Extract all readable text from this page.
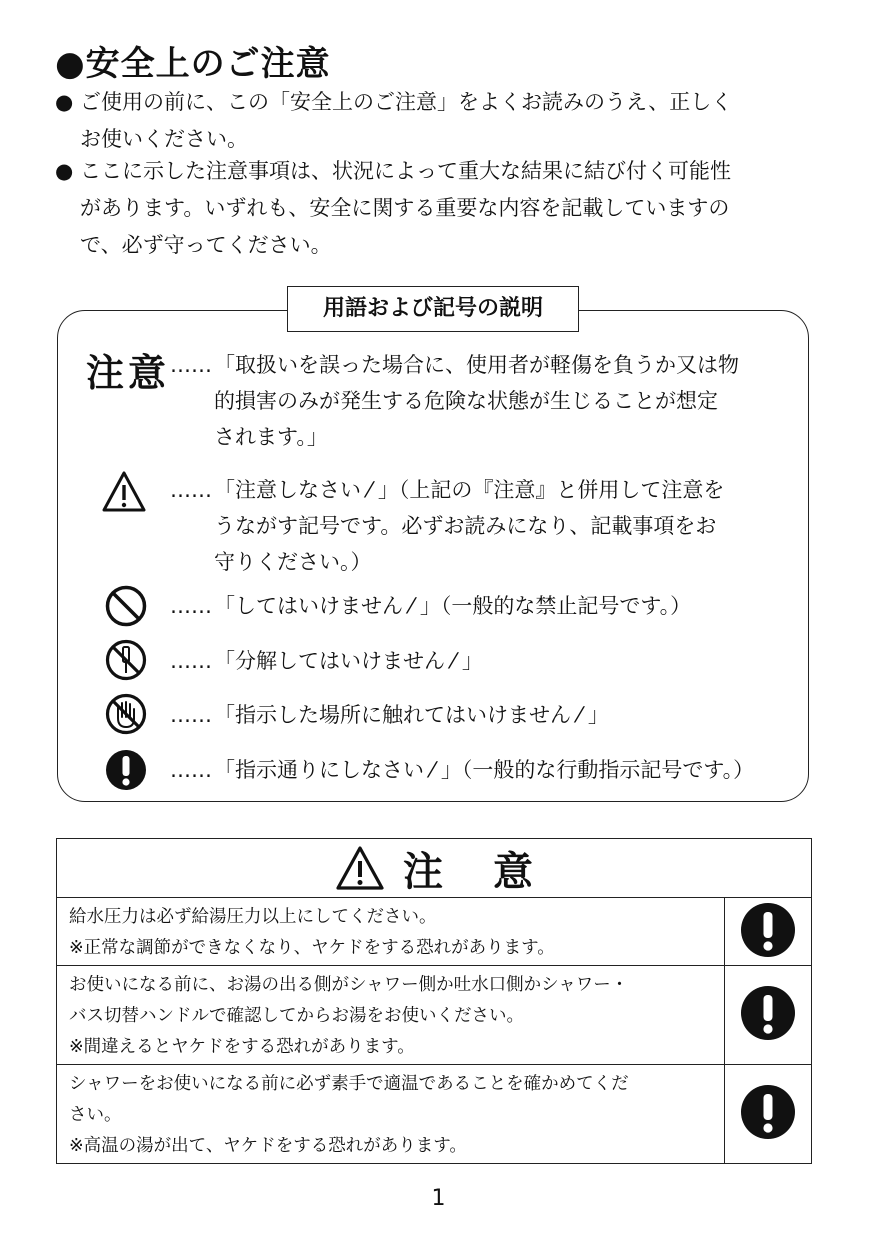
●安全上のご注意
● ご使用の前に、この「安全上のご注意」をよくお読みのうえ、正しく
お使いください。
● ここに示した注意事項は、状況によって重大な結果に結び付く可能性
があります。いずれも、安全に関する重要な内容を記載していますの
で、必ず守ってください。
用語および記号の説明
注意 …… 「取扱いを誤った場合に、使用者が軽傷を負うか又は物
的損害のみが発生する危険な状態が生じることが想定
されます。」
…… 「注意しなさい ⁄ 」（上記の『注意』と併用して注意を
うながす記号です。必ずお読みになり、記載事項をお
守りください。）
…… 「してはいけません ⁄ 」（一般的な禁止記号です。）
…… 「分解してはいけません ⁄ 」
…… 「指示した場所に触れてはいけません ⁄ 」
…… 「指示通りにしなさい ⁄ 」（一般的な行動指示記号です。）
注意
給水圧力は必ず給湯圧力以上にしてください。
※正常な調節ができなくなり、ヤケドをする恐れがあります。
お使いになる前に、お湯の出る側がシャワー側か吐水口側かシャワー・
バス切替ハンドルで確認してからお湯をお使いください。
※間違えるとヤケドをする恐れがあります。
シャワーをお使いになる前に必ず素手で適温であることを確かめてくだ
さい。
※高温の湯が出て、ヤケドをする恐れがあります。
1
